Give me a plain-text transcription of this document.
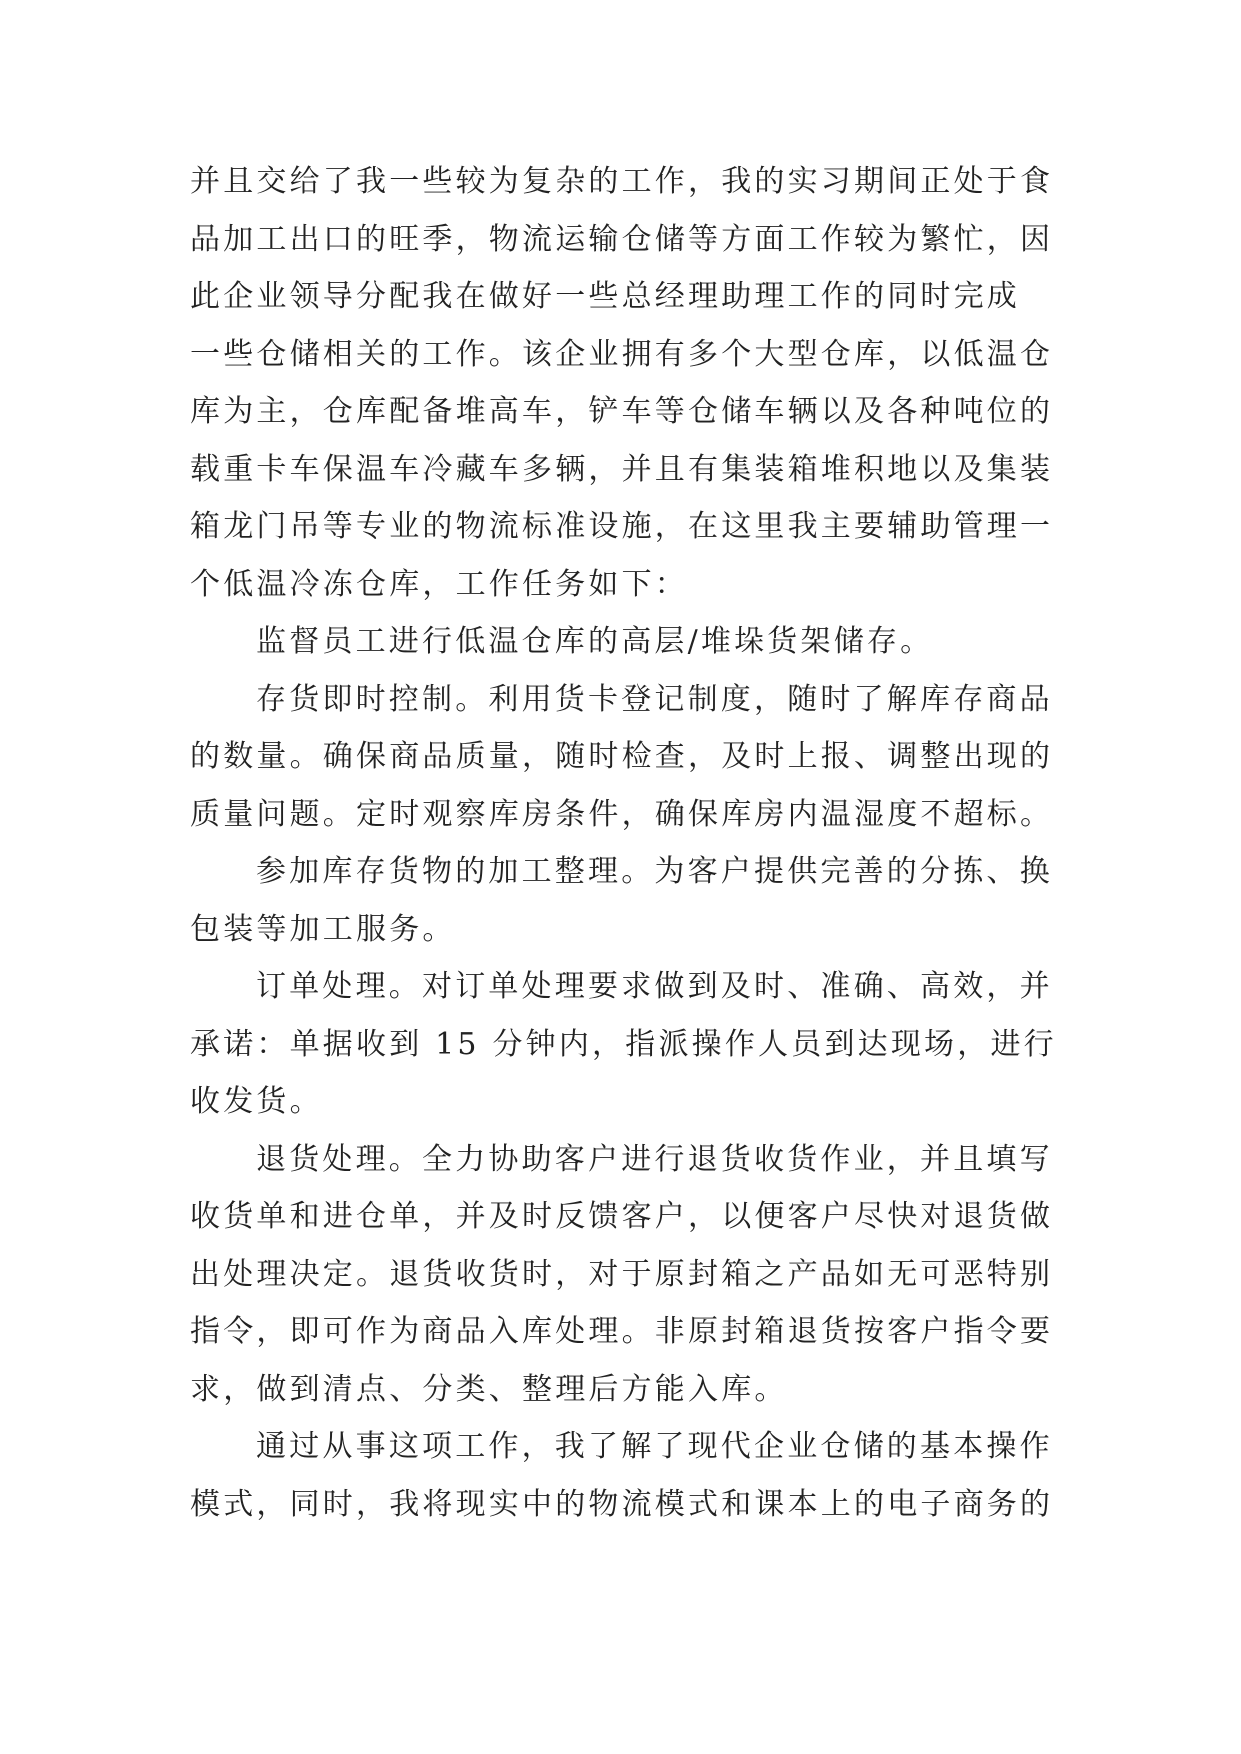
并且交给了我一些较为复杂的工作，我的实习期间正处于食
品加工出口的旺季，物流运输仓储等方面工作较为繁忙，因
此企业领导分配我在做好一些总经理助理工作的同时完成
一些仓储相关的工作。该企业拥有多个大型仓库，以低温仓
库为主，仓库配备堆高车，铲车等仓储车辆以及各种吨位的
载重卡车保温车冷藏车多辆，并且有集装箱堆积地以及集装
箱龙门吊等专业的物流标准设施，在这里我主要辅助管理一
个低温冷冻仓库，工作任务如下：
监督员工进行低温仓库的高层/堆垛货架储存。
存货即时控制。利用货卡登记制度，随时了解库存商品
的数量。确保商品质量，随时检查，及时上报、调整出现的
质量问题。定时观察库房条件，确保库房内温湿度不超标。
参加库存货物的加工整理。为客户提供完善的分拣、换
包装等加工服务。
订单处理。对订单处理要求做到及时、准确、高效，并
承诺：单据收到 15 分钟内，指派操作人员到达现场，进行
收发货。
退货处理。全力协助客户进行退货收货作业，并且填写
收货单和进仓单，并及时反馈客户，以便客户尽快对退货做
出处理决定。退货收货时，对于原封箱之产品如无可恶特别
指令，即可作为商品入库处理。非原封箱退货按客户指令要
求，做到清点、分类、整理后方能入库。
通过从事这项工作，我了解了现代企业仓储的基本操作
模式，同时，我将现实中的物流模式和课本上的电子商务的
